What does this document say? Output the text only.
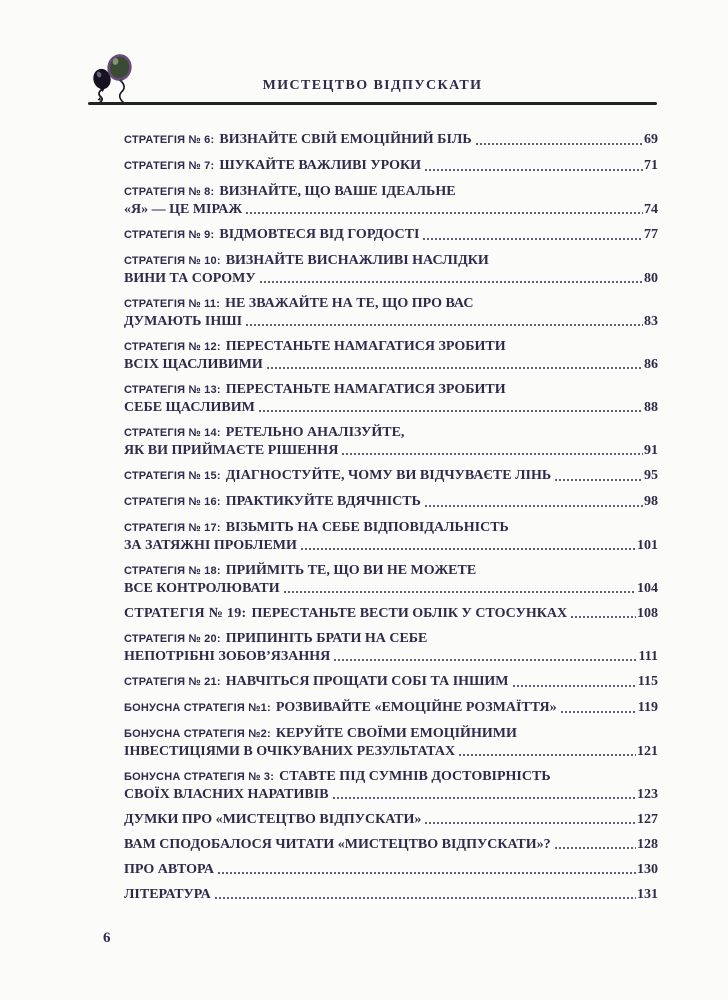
МИСТЕЦТВО ВІДПУСКАТИ
СТРАТЕГІЯ № 6: ВИЗНАЙТЕ СВІЙ ЕМОЦІЙНИЙ БІЛЬ	69
СТРАТЕГІЯ № 7: ШУКАЙТЕ ВАЖЛИВІ УРОКИ	71
СТРАТЕГІЯ № 8: ВИЗНАЙТЕ, ЩО ВАШЕ ІДЕАЛЬНЕ
«Я» — ЦЕ МІРАЖ	74
СТРАТЕГІЯ № 9: ВІДМОВТЕСЯ ВІД ГОРДОСТІ	77
СТРАТЕГІЯ № 10: ВИЗНАЙТЕ ВИСНАЖЛИВІ НАСЛІДКИ
ВИНИ ТА СОРОМУ	80
СТРАТЕГІЯ № 11: НЕ ЗВАЖАЙТЕ НА ТЕ, ЩО ПРО ВАС
ДУМАЮТЬ ІНШІ	83
СТРАТЕГІЯ № 12: ПЕРЕСТАНЬТЕ НАМАГАТИСЯ ЗРОБИТИ
ВСІХ ЩАСЛИВИМИ	86
СТРАТЕГІЯ № 13: ПЕРЕСТАНЬТЕ НАМАГАТИСЯ ЗРОБИТИ
СЕБЕ ЩАСЛИВИМ	88
СТРАТЕГІЯ № 14: РЕТЕЛЬНО АНАЛІЗУЙТЕ,
ЯК ВИ ПРИЙМАЄТЕ РІШЕННЯ	91
СТРАТЕГІЯ № 15: ДІАГНОСТУЙТЕ, ЧОМУ ВИ ВІДЧУВАЄТЕ ЛІНЬ	95
СТРАТЕГІЯ № 16: ПРАКТИКУЙТЕ ВДЯЧНІСТЬ	98
СТРАТЕГІЯ № 17: ВІЗЬМІТЬ НА СЕБЕ ВІДПОВІДАЛЬНІСТЬ
ЗА ЗАТЯЖНІ ПРОБЛЕМИ	101
СТРАТЕГІЯ № 18: ПРИЙМІТЬ ТЕ, ЩО ВИ НЕ МОЖЕТЕ
ВСЕ КОНТРОЛЮВАТИ	104
СТРАТЕГІЯ № 19: ПЕРЕСТАНЬТЕ ВЕСТИ ОБЛІК У СТОСУНКАХ	108
СТРАТЕГІЯ № 20: ПРИПИНІТЬ БРАТИ НА СЕБЕ
НЕПОТРІБНІ ЗОБОВ’ЯЗАННЯ	111
СТРАТЕГІЯ № 21: НАВЧІТЬСЯ ПРОЩАТИ СОБІ ТА ІНШИМ	115
БОНУСНА СТРАТЕГІЯ №1: РОЗВИВАЙТЕ «ЕМОЦІЙНЕ РОЗМАЇТТЯ»	119
БОНУСНА СТРАТЕГІЯ №2: КЕРУЙТЕ СВОЇМИ ЕМОЦІЙНИМИ
ІНВЕСТИЦІЯМИ В ОЧІКУВАНИХ РЕЗУЛЬТАТАХ	121
БОНУСНА СТРАТЕГІЯ № 3: СТАВТЕ ПІД СУМНІВ ДОСТОВІРНІСТЬ
СВОЇХ ВЛАСНИХ НАРАТИВІВ	123
ДУМКИ ПРО «МИСТЕЦТВО ВІДПУСКАТИ»	127
ВАМ СПОДОБАЛОСЯ ЧИТАТИ «МИСТЕЦТВО ВІДПУСКАТИ»?	128
ПРО АВТОРА	130
ЛІТЕРАТУРА	131
6
